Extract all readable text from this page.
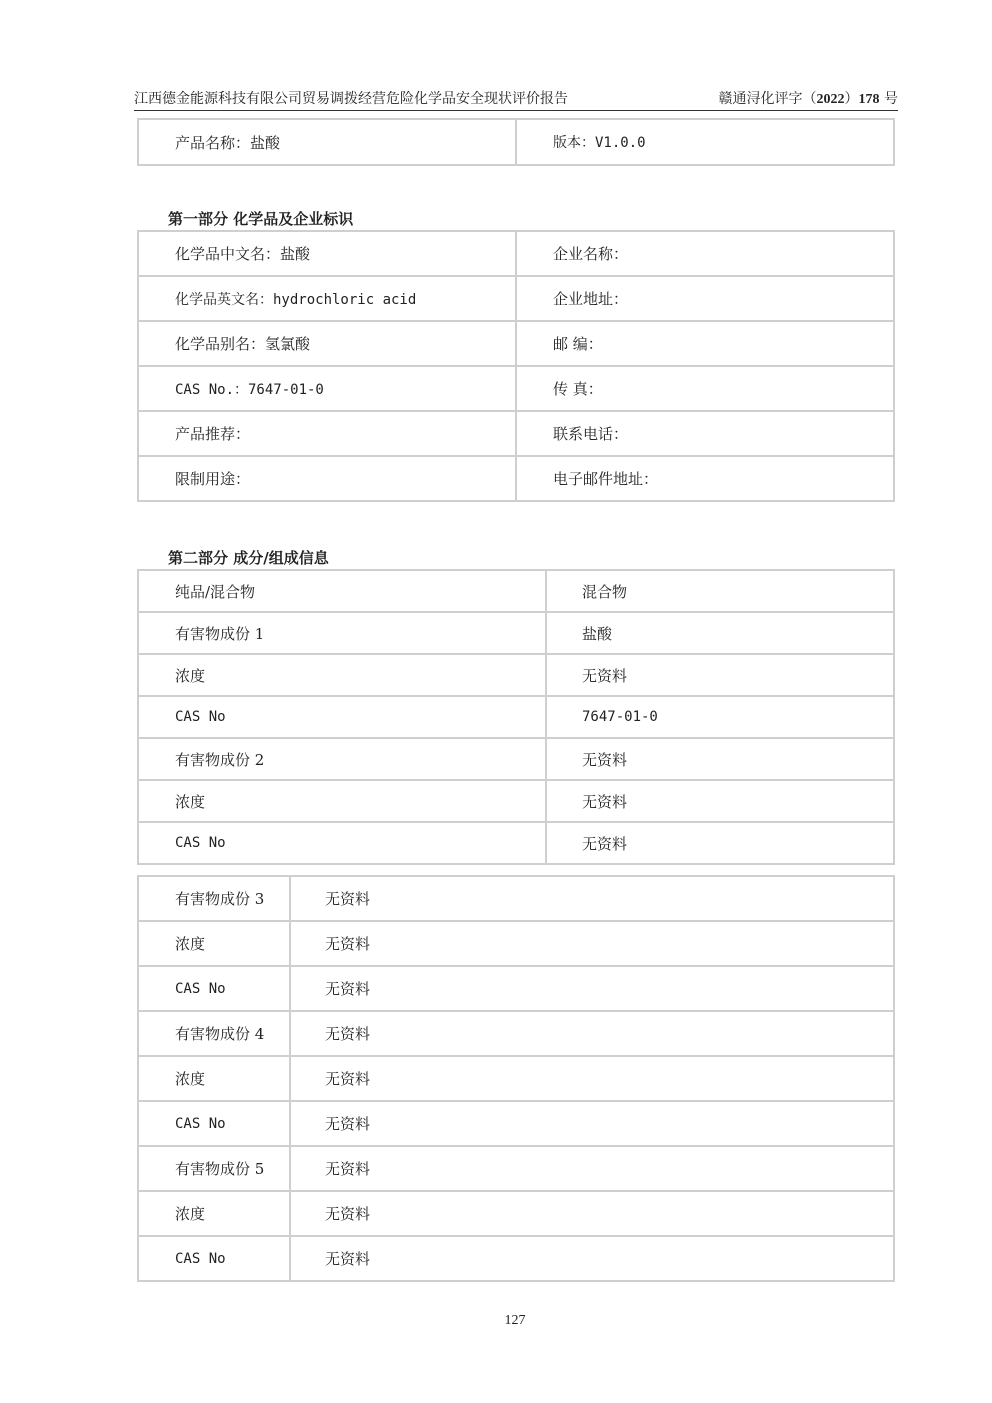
江西德金能源科技有限公司贸易调拨经营危险化学品安全现状评价报告	赣通浔化评字（2022）178 号
产品名称：盐酸	版本：V1.0.0
第一部分 化学品及企业标识
化学品中文名：盐酸	企业名称：
化学品英文名：hydrochloric acid	企业地址：
化学品别名：氢氯酸	邮 编：
CAS No.：7647-01-0	传 真：
产品推荐：	联系电话：
限制用途：	电子邮件地址：
第二部分 成分/组成信息
纯品/混合物	混合物
有害物成份 1	盐酸
浓度	无资料
CAS No	7647-01-0
有害物成份 2	无资料
浓度	无资料
CAS No	无资料
有害物成份 3	无资料
浓度	无资料
CAS No	无资料
有害物成份 4	无资料
浓度	无资料
CAS No	无资料
有害物成份 5	无资料
浓度	无资料
CAS No	无资料
127
